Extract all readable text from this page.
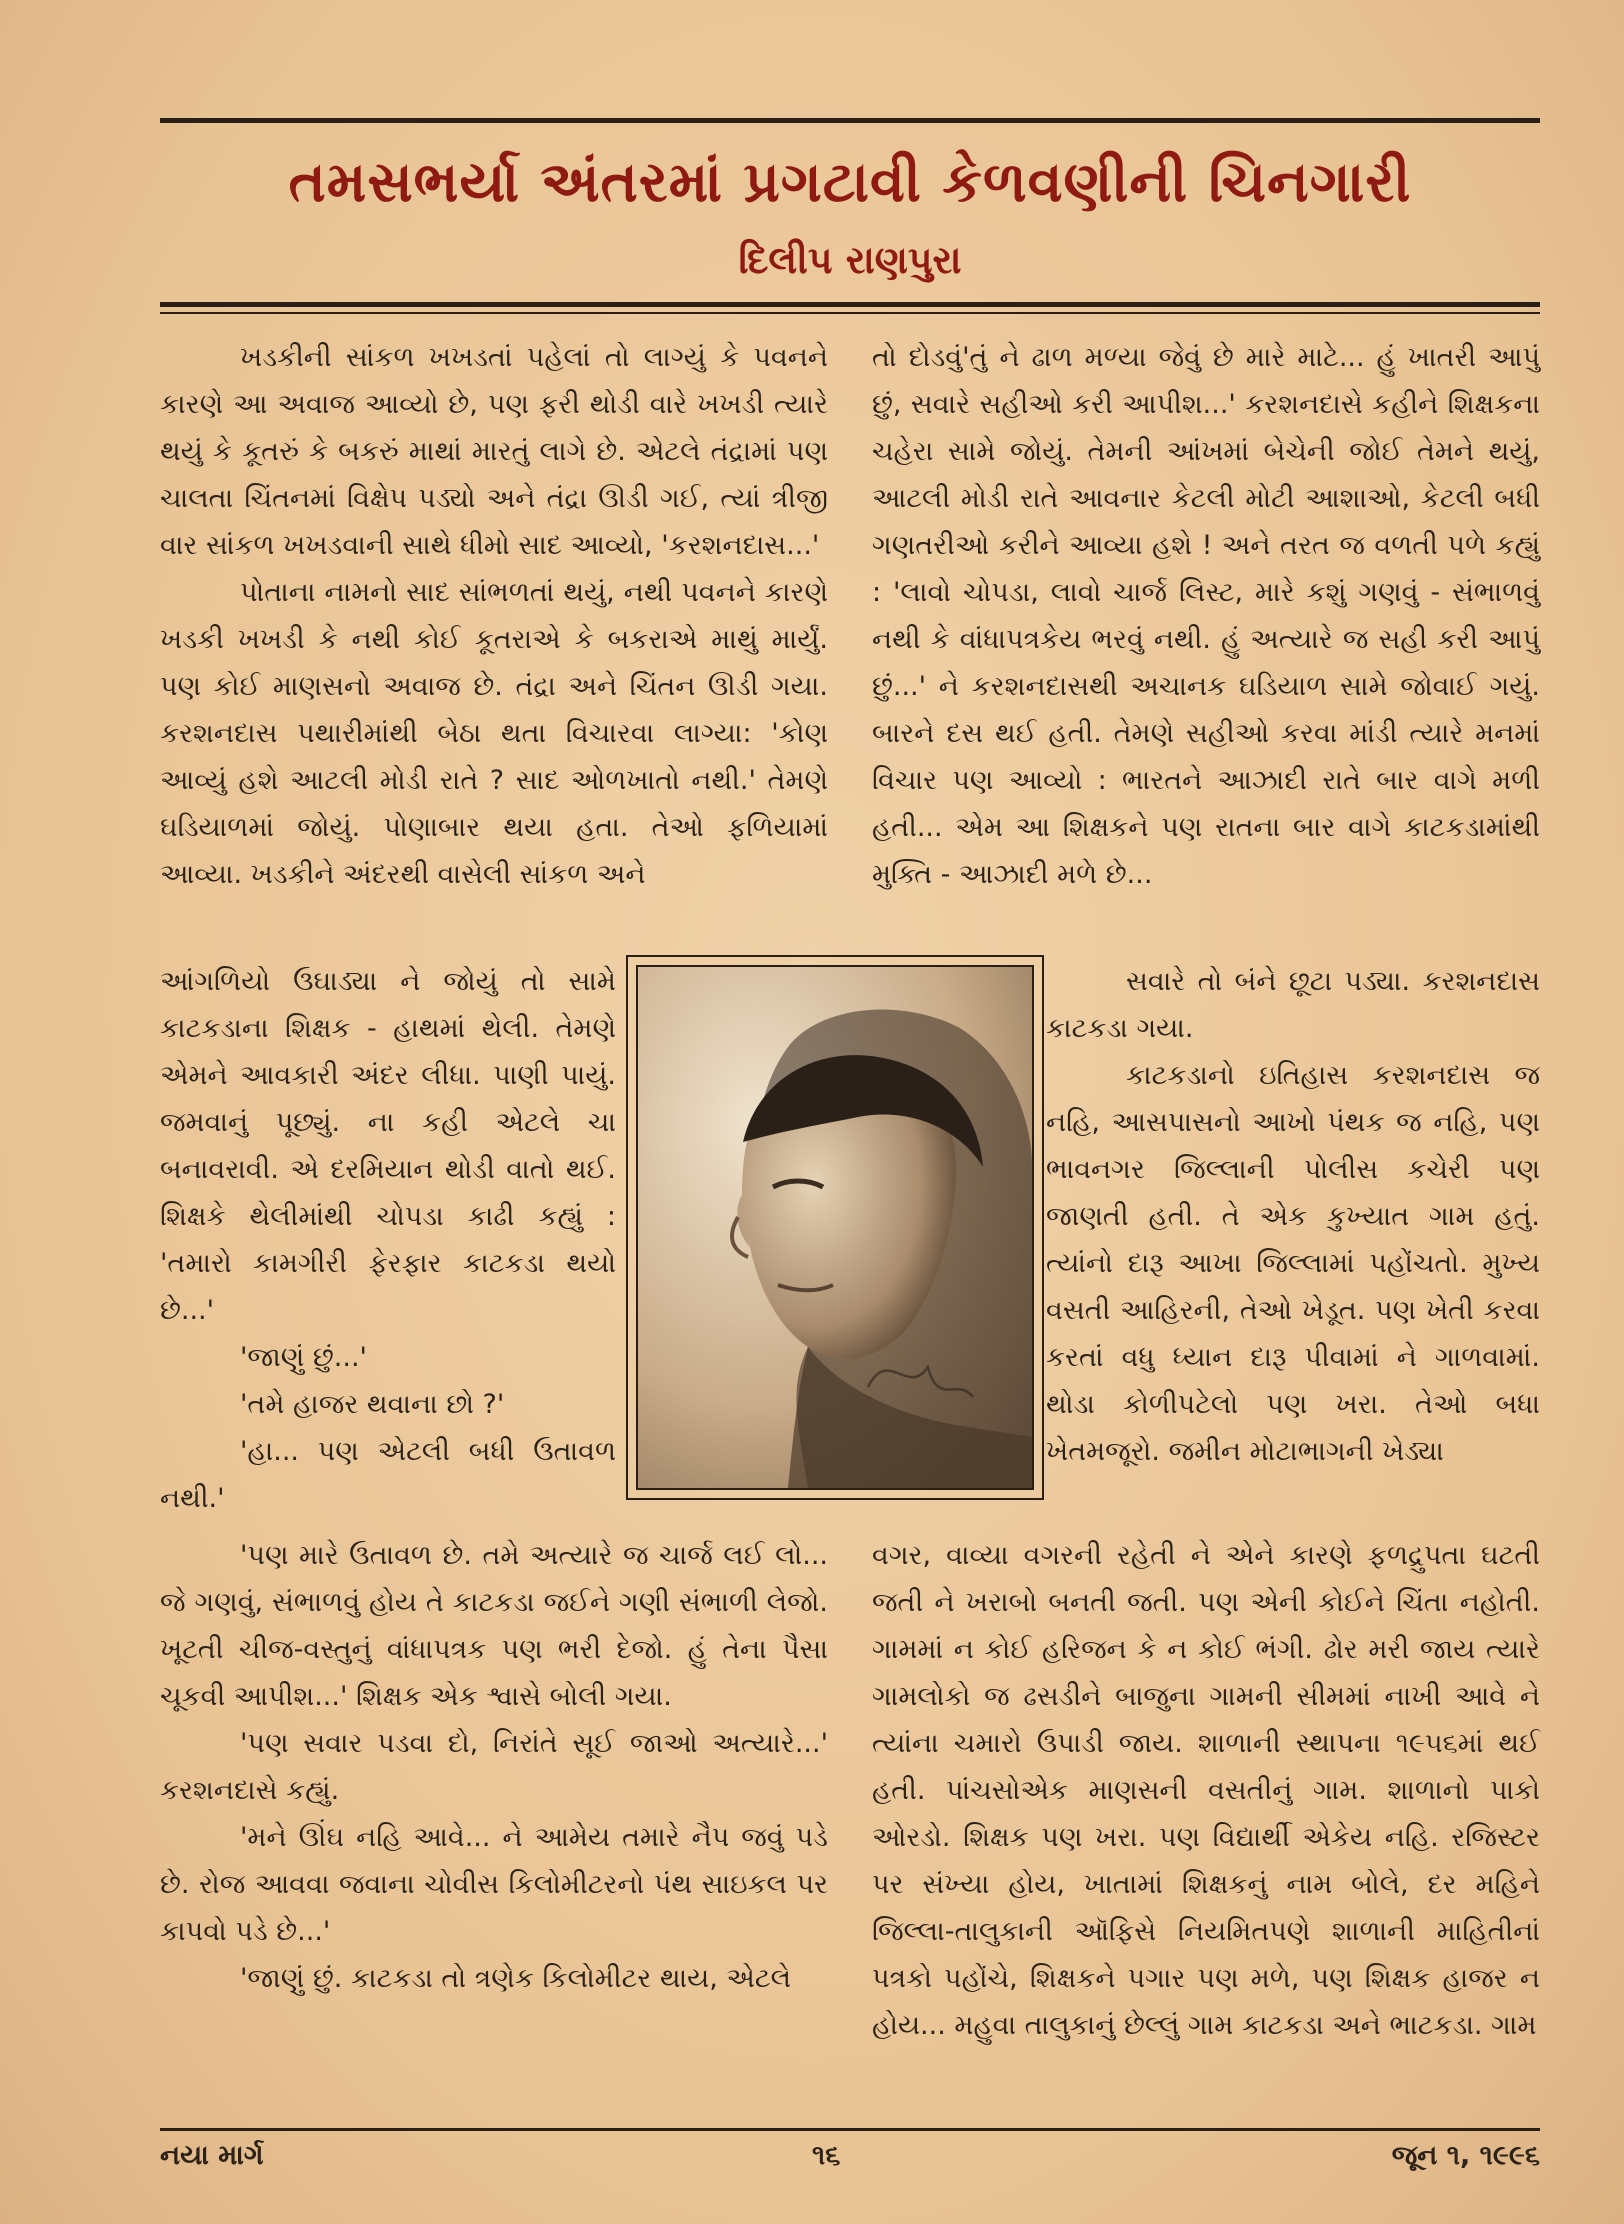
તમસભર્યા અંતરમાં પ્રગટાવી કેળવણીની ચિનગારી
દિલીપ રાણપુરા

ખડકીની સાંકળ ખખડતાં પહેલાં તો લાગ્યું કે પવનને કારણે આ અવાજ આવ્યો છે, પણ ફરી થોડી વારે ખખડી ત્યારે થયું કે કૂતરું કે બકરું માથાં મારતું લાગે છે. એટલે તંદ્રામાં પણ ચાલતા ચિંતનમાં વિક્ષેપ પડ્યો અને તંદ્રા ઊડી ગઈ, ત્યાં ત્રીજી વાર સાંકળ ખખડવાની સાથે ધીમો સાદ આવ્યો, 'કરશનદાસ...'

પોતાના નામનો સાદ સાંભળતાં થયું, નથી પવનને કારણે ખડકી ખખડી કે નથી કોઈ કૂતરાએ કે બકરાએ માથું માર્યું. પણ કોઈ માણસનો અવાજ છે. તંદ્રા અને ચિંતન ઊડી ગયા. કરશનદાસ પથારીમાંથી બેઠા થતા વિચારવા લાગ્યા: 'કોણ આવ્યું હશે આટલી મોડી રાતે ? સાદ ઓળખાતો નથી.' તેમણે ઘડિયાળમાં જોયું. પોણાબાર થયા હતા. તેઓ ફળિયામાં આવ્યા. ખડકીને અંદરથી વાસેલી સાંકળ અને

આંગળિયો ઉઘાડ્યા ને જોયું તો સામે કાટકડાના શિક્ષક - હાથમાં થેલી. તેમણે એમને આવકારી અંદર લીધા. પાણી પાયું. જમવાનું પૂછ્યું. ના કહી એટલે ચા બનાવરાવી. એ દરમિયાન થોડી વાતો થઈ. શિક્ષકે થેલીમાંથી ચોપડા કાઢી કહ્યું : 'તમારો કામગીરી ફેરફાર કાટકડા થયો છે...'

'જાણું છું...'

'તમે હાજર થવાના છો ?'

'હા... પણ એટલી બધી ઉતાવળ નથી.'

'પણ મારે ઉતાવળ છે. તમે અત્યારે જ ચાર્જ લઈ લો... જે ગણવું, સંભાળવું હોય તે કાટકડા જઈને ગણી સંભાળી લેજો. ખૂટતી ચીજ-વસ્તુનું વાંધાપત્રક પણ ભરી દેજો. હું તેના પૈસા ચૂકવી આપીશ...' શિક્ષક એક શ્વાસે બોલી ગયા.

'પણ સવાર પડવા દો, નિરાંતે સૂઈ જાઓ અત્યારે...' કરશનદાસે કહ્યું.

'મને ઊંઘ નહિ આવે... ને આમેય તમારે નૈપ જવું પડે છે. રોજ આવવા જવાના ચોવીસ કિલોમીટરનો પંથ સાઇકલ પર કાપવો પડે છે...'

'જાણું છું. કાટકડા તો ત્રણેક કિલોમીટર થાય, એટલે

તો દોડવું'તું ને ઢાળ મળ્યા જેવું છે મારે માટે... હું ખાતરી આપું છું, સવારે સહીઓ કરી આપીશ...' કરશનદાસે કહીને શિક્ષકના ચહેરા સામે જોયું. તેમની આંખમાં બેચેની જોઈ તેમને થયું, આટલી મોડી રાતે આવનાર કેટલી મોટી આશાઓ, કેટલી બધી ગણતરીઓ કરીને આવ્યા હશે ! અને તરત જ વળતી પળે કહ્યું : 'લાવો ચોપડા, લાવો ચાર્જ લિસ્ટ, મારે કશું ગણવું - સંભાળવું નથી કે વાંધાપત્રકેય ભરવું નથી. હું અત્યારે જ સહી કરી આપું છું...' ને કરશનદાસથી અચાનક ઘડિયાળ સામે જોવાઈ ગયું. બારને દસ થઈ હતી. તેમણે સહીઓ કરવા માંડી ત્યારે મનમાં વિચાર પણ આવ્યો : ભારતને આઝાદી રાતે બાર વાગે મળી હતી... એમ આ શિક્ષકને પણ રાતના બાર વાગે કાટકડામાંથી મુક્તિ - આઝાદી મળે છે...

સવારે તો બંને છૂટા પડ્યા. કરશનદાસ કાટકડા ગયા.

કાટકડાનો ઇતિહાસ કરશનદાસ જ નહિ, આસપાસનો આખો પંથક જ નહિ, પણ ભાવનગર જિલ્લાની પોલીસ કચેરી પણ જાણતી હતી. તે એક કુખ્યાત ગામ હતું. ત્યાંનો દારૂ આખા જિલ્લામાં પહોંચતો. મુખ્ય વસતી આહિરની, તેઓ ખેડૂત. પણ ખેતી કરવા કરતાં વધુ ધ્યાન દારૂ પીવામાં ને ગાળવામાં. થોડા કોળીપટેલો પણ ખરા. તેઓ બધા ખેતમજૂરો. જમીન મોટાભાગની ખેડ્યા

વગર, વાવ્યા વગરની રહેતી ને એને કારણે ફળદ્રુપતા ઘટતી જતી ને ખરાબો બનતી જતી. પણ એની કોઈને ચિંતા નહોતી. ગામમાં ન કોઈ હરિજન કે ન કોઈ ભંગી. ઢોર મરી જાય ત્યારે ગામલોકો જ ઢસડીને બાજુના ગામની સીમમાં નાખી આવે ને ત્યાંના ચમારો ઉપાડી જાય. શાળાની સ્થાપના ૧૯૫૬માં થઈ હતી. પાંચસોએક માણસની વસતીનું ગામ. શાળાનો પાકો ઓરડો. શિક્ષક પણ ખરા. પણ વિદ્યાર્થી એકેય નહિ. રજિસ્ટર પર સંખ્યા હોય, ખાતામાં શિક્ષકનું નામ બોલે, દર મહિને જિલ્લા-તાલુકાની ઑફિસે નિયમિતપણે શાળાની માહિતીનાં પત્રકો પહોંચે, શિક્ષકને પગાર પણ મળે, પણ શિક્ષક હાજર ન હોય... મહુવા તાલુકાનું છેલ્લું ગામ કાટકડા અને ભાટકડા. ગામ

નયા માર્ગ	૧૬	જૂન ૧, ૧૯૯૬
